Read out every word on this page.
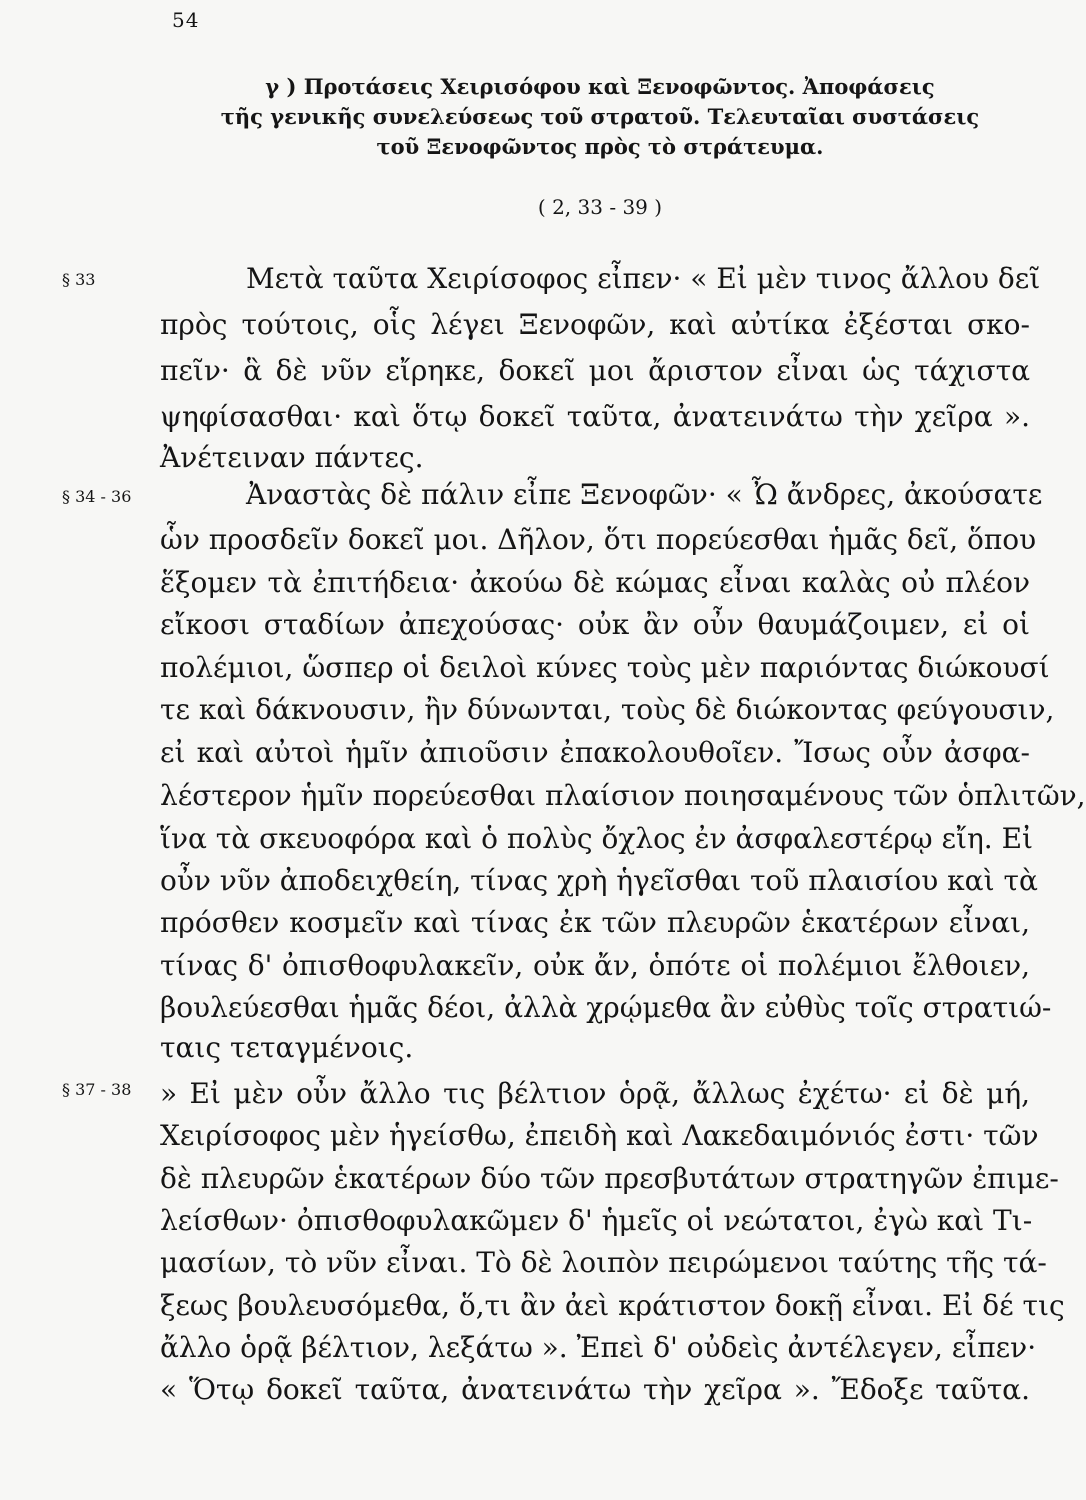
54
γ ) Προτάσεις Χειρισόφου καὶ Ξενοφῶντος. Ἀποφάσεις
τῆς γενικῆς συνελεύσεως τοῦ στρατοῦ. Τελευταῖαι συστάσεις
τοῦ Ξενοφῶντος πρὸς τὸ στράτευμα.
( 2, 33 - 39 )
§ 33	Μετὰ ταῦτα Χειρίσοφος εἶπεν· « Εἰ μὲν τινος ἄλλου δεῖ
πρὸς τούτοις, οἷς λέγει Ξενοφῶν, καὶ αὐτίκα ἐξέσται σκο-
πεῖν· ἃ δὲ νῦν εἴρηκε, δοκεῖ μοι ἄριστον εἶναι ὡς τάχιστα
ψηφίσασθαι· καὶ ὅτῳ δοκεῖ ταῦτα, ἀνατεινάτω τὴν χεῖρα ».
Ἀνέτειναν πάντες.
§ 34 - 36	Ἀναστὰς δὲ πάλιν εἶπε Ξενοφῶν· « Ὦ ἄνδρες, ἀκούσατε
ὧν προσδεῖν δοκεῖ μοι. Δῆλον, ὅτι πορεύεσθαι ἡμᾶς δεῖ, ὅπου
ἕξομεν τὰ ἐπιτήδεια· ἀκούω δὲ κώμας εἶναι καλὰς οὐ πλέον
εἴκοσι σταδίων ἀπεχούσας· οὐκ ἂν οὖν θαυμάζοιμεν, εἰ οἱ
πολέμιοι, ὥσπερ οἱ δειλοὶ κύνες τοὺς μὲν παριόντας διώκουσί
τε καὶ δάκνουσιν, ἢν δύνωνται, τοὺς δὲ διώκοντας φεύγουσιν,
εἰ καὶ αὐτοὶ ἡμῖν ἀπιοῦσιν ἐπακολουθοῖεν. Ἴσως οὖν ἀσφα-
λέστερον ἡμῖν πορεύεσθαι πλαίσιον ποιησαμένους τῶν ὁπλιτῶν,
ἵνα τὰ σκευοφόρα καὶ ὁ πολὺς ὄχλος ἐν ἀσφαλεστέρῳ εἴη. Εἰ
οὖν νῦν ἀποδειχθείη, τίνας χρὴ ἡγεῖσθαι τοῦ πλαισίου καὶ τὰ
πρόσθεν κοσμεῖν καὶ τίνας ἐκ τῶν πλευρῶν ἑκατέρων εἶναι,
τίνας δ' ὀπισθοφυλακεῖν, οὐκ ἄν, ὁπότε οἱ πολέμιοι ἔλθοιεν,
βουλεύεσθαι ἡμᾶς δέοι, ἀλλὰ χρῴμεθα ἂν εὐθὺς τοῖς στρατιώ-
ταις τεταγμένοις.
§ 37 - 38 » Εἰ μὲν οὖν ἄλλο τις βέλτιον ὁρᾷ, ἄλλως ἐχέτω· εἰ δὲ μή,
Χειρίσοφος μὲν ἡγείσθω, ἐπειδὴ καὶ Λακεδαιμόνιός ἐστι· τῶν
δὲ πλευρῶν ἑκατέρων δύο τῶν πρεσβυτάτων στρατηγῶν ἐπιμε-
λείσθων· ὀπισθοφυλακῶμεν δ' ἡμεῖς οἱ νεώτατοι, ἐγὼ καὶ Τι-
μασίων, τὸ νῦν εἶναι. Τὸ δὲ λοιπὸν πειρώμενοι ταύτης τῆς τά-
ξεως βουλευσόμεθα, ὅ,τι ἂν ἀεὶ κράτιστον δοκῇ εἶναι. Εἰ δέ τις
ἄλλο ὁρᾷ βέλτιον, λεξάτω ». Ἐπεὶ δ' οὐδεὶς ἀντέλεγεν, εἶπεν·
« Ὅτῳ δοκεῖ ταῦτα, ἀνατεινάτω τὴν χεῖρα ». Ἔδοξε ταῦτα.
